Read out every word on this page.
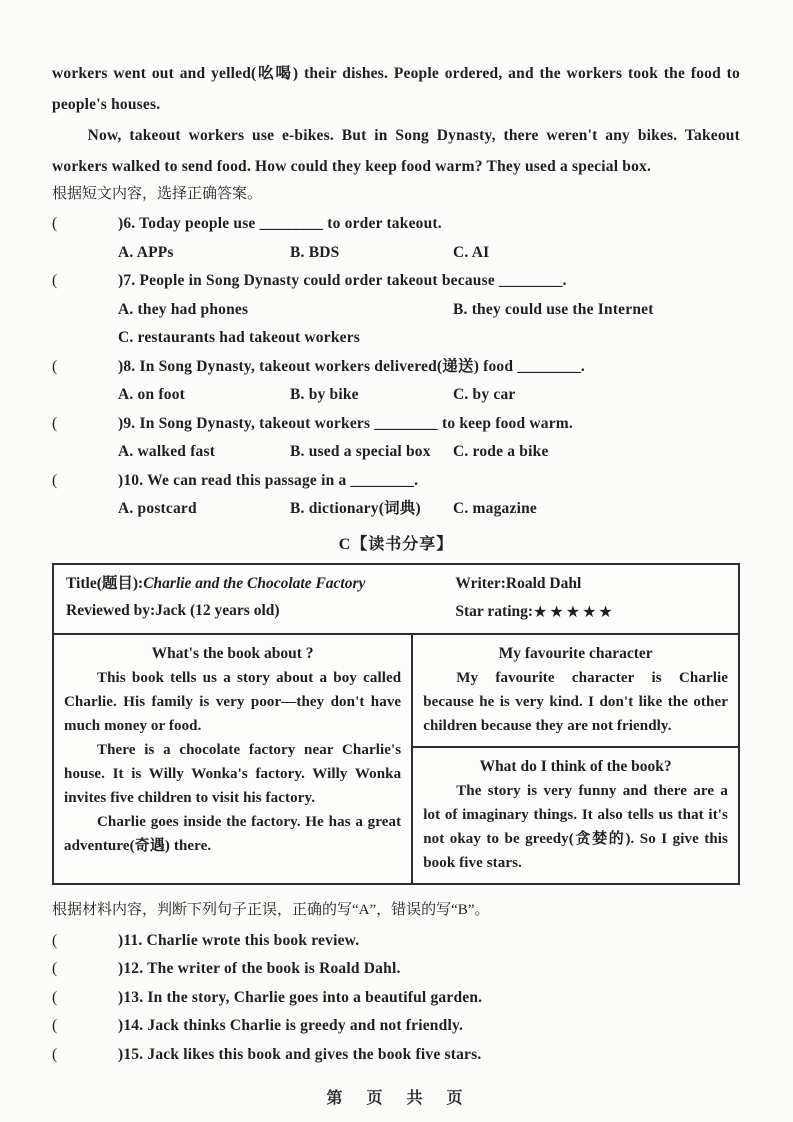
workers went out and yelled(吆喝) their dishes. People ordered, and the workers took the food to people's houses.

Now, takeout workers use e-bikes. But in Song Dynasty, there weren't any bikes. Takeout workers walked to send food. How could they keep food warm? They used a special box.

根据短文内容，选择正确答案。

(	)6. Today people use ________ to order takeout.
A. APPs	B. BDS	C. AI
(	)7. People in Song Dynasty could order takeout because ________.
A. they had phones	B. they could use the Internet
C. restaurants had takeout workers
(	)8. In Song Dynasty, takeout workers delivered(递送) food ________.
A. on foot	B. by bike	C. by car
(	)9. In Song Dynasty, takeout workers ________ to keep food warm.
A. walked fast	B. used a special box C. rode a bike
(	)10. We can read this passage in a ________.
A. postcard	B. dictionary(词典) C. magazine
C【读书分享】
Title(题目):Charlie and the Chocolate Factory	Writer:Roald Dahl
Reviewed by:Jack (12 years old)	Star rating:★★★★★
What's the book about ?

This book tells us a story about a boy called Charlie. His family is very poor—they don't have much money or food.

There is a chocolate factory near Charlie's house. It is Willy Wonka's factory. Willy Wonka invites five children to visit his factory.

Charlie goes inside the factory. He has a great adventure(奇遇) there.

My favourite character

My favourite character is Charlie because he is very kind. I don't like the other children because they are not friendly.

What do I think of the book?

The story is very funny and there are a lot of imaginary things. It also tells us that it's not okay to be greedy(贪婪的). So I give this book five stars.

根据材料内容，判断下列句子正误，正确的写“A”，错误的写“B”。

(	)11. Charlie wrote this book review.
(	)12. The writer of the book is Roald Dahl.
(	)13. In the story, Charlie goes into a beautiful garden.
(	)14. Jack thinks Charlie is greedy and not friendly.
(	)15. Jack likes this book and gives the book five stars.
第　页　共　页
